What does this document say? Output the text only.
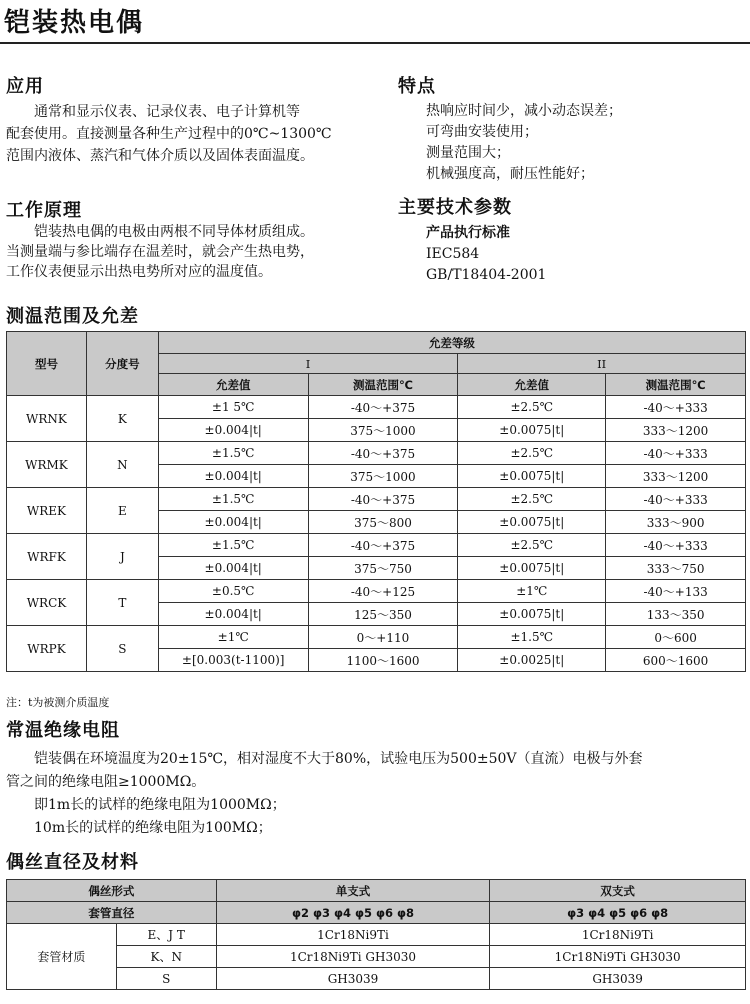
铠装热电偶
应用

通常和显示仪表、记录仪表、电子计算机等

配套使用。直接测量各种生产过程中的0℃~1300℃

范围内液体、蒸汽和气体介质以及固体表面温度。

工作原理

铠装热电偶的电极由两根不同导体材质组成。

当测量端与参比端存在温差时，就会产生热电势，

工作仪表便显示出热电势所对应的温度值。

特点

热响应时间少，减小动态误差；

可弯曲安装使用；

测量范围大；

机械强度高，耐压性能好；

主要技术参数

产品执行标准

IEC584

GB/T18404-2001

测温范围及允差
型号	分度号	允差等级			
		I		II	
		允差值	测温范围℃	允差值	测温范围℃
WRNK	K	±1 5℃	-40～+375	±2.5℃	-40～+333
		±0.004|t|	375～1000	±0.0075|t|	333～1200
WRMK	N	±1.5℃	-40～+375	±2.5℃	-40～+333
		±0.004|t|	375～1000	±0.0075|t|	333～1200
WREK	E	±1.5℃	-40～+375	±2.5℃	-40～+333
		±0.004|t|	375～800	±0.0075|t|	333～900
WRFK	J	±1.5℃	-40～+375	±2.5℃	-40～+333
		±0.004|t|	375～750	±0.0075|t|	333～750
WRCK	T	±0.5℃	-40～+125	±1℃	-40～+133
		±0.004|t|	125～350	±0.0075|t|	133～350
WRPK	S	±1℃	0～+110	±1.5℃	0～600
		±[0.003(t-1100)]	1100～1600	±0.0025|t|	600～1600
注：t为被测介质温度
常温绝缘电阻

铠装偶在环境温度为20±15℃，相对湿度不大于80%，试验电压为500±50V（直流）电极与外套

管之间的绝缘电阻≥1000MΩ。

即1m长的试样的绝缘电阻为1000MΩ；

10m长的试样的绝缘电阻为100MΩ；

偶丝直径及材料
偶丝形式		单支式	双支式
套管直径		φ2 φ3 φ4 φ5 φ6 φ8	φ3 φ4 φ5 φ6 φ8
套管材质	E、J T	1Cr18Ni9Ti	1Cr18Ni9Ti
	K、N	1Cr18Ni9Ti GH3030	1Cr18Ni9Ti GH3030
	S	GH3039	GH3039
